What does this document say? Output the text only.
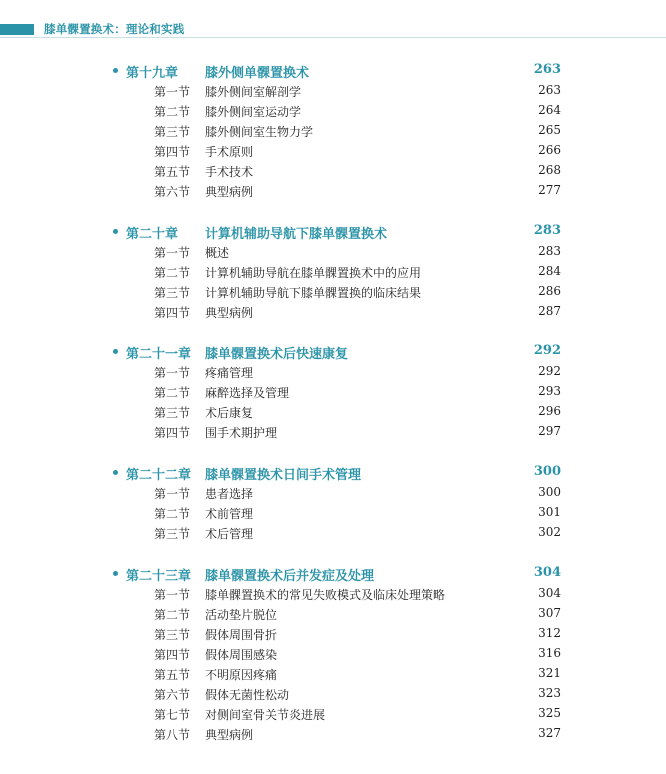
膝单髁置换术：理论和实践
第十九章 膝外侧单髁置换术	263
第一节 膝外侧间室解剖学	263
第二节 膝外侧间室运动学	264
第三节 膝外侧间室生物力学	265
第四节 手术原则	266
第五节 手术技术	268
第六节 典型病例	277
第二十章 计算机辅助导航下膝单髁置换术	283
第一节 概述	283
第二节 计算机辅助导航在膝单髁置换术中的应用	284
第三节 计算机辅助导航下膝单髁置换的临床结果	286
第四节 典型病例	287
第二十一章 膝单髁置换术后快速康复	292
第一节 疼痛管理	292
第二节 麻醉选择及管理	293
第三节 术后康复	296
第四节 围手术期护理	297
第二十二章 膝单髁置换术日间手术管理	300
第一节 患者选择	300
第二节 术前管理	301
第三节 术后管理	302
第二十三章 膝单髁置换术后并发症及处理	304
第一节 膝单髁置换术的常见失败模式及临床处理策略	304
第二节 活动垫片脱位	307
第三节 假体周围骨折	312
第四节 假体周围感染	316
第五节 不明原因疼痛	321
第六节 假体无菌性松动	323
第七节 对侧间室骨关节炎进展	325
第八节 典型病例	327
